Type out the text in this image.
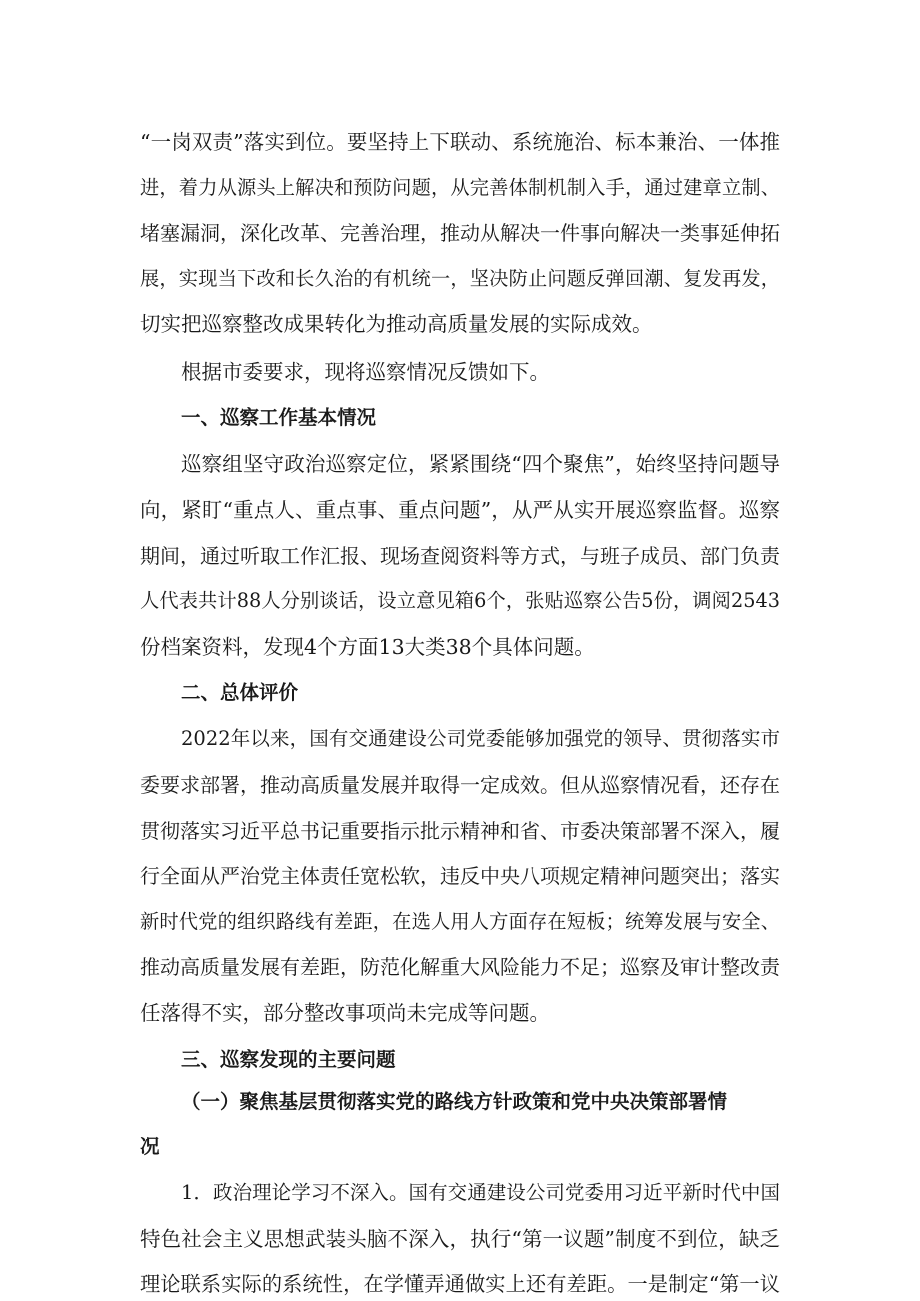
“一岗双责”落实到位。要坚持上下联动、系统施治、标本兼治、一体推

进，着力从源头上解决和预防问题，从完善体制机制入手，通过建章立制、

堵塞漏洞，深化改革、完善治理，推动从解决一件事向解决一类事延伸拓

展，实现当下改和长久治的有机统一，坚决防止问题反弹回潮、复发再发，

切实把巡察整改成果转化为推动高质量发展的实际成效。

根据市委要求，现将巡察情况反馈如下。

一、巡察工作基本情况

巡察组坚守政治巡察定位，紧紧围绕“四个聚焦”，始终坚持问题导

向，紧盯“重点人、重点事、重点问题”，从严从实开展巡察监督。巡察

期间，通过听取工作汇报、现场查阅资料等方式，与班子成员、部门负责

人代表共计88人分别谈话，设立意见箱6个，张贴巡察公告5份，调阅2543

份档案资料，发现4个方面13大类38个具体问题。

二、总体评价

2022年以来，国有交通建设公司党委能够加强党的领导、贯彻落实市

委要求部署，推动高质量发展并取得一定成效。但从巡察情况看，还存在

贯彻落实习近平总书记重要指示批示精神和省、市委决策部署不深入，履

行全面从严治党主体责任宽松软，违反中央八项规定精神问题突出；落实

新时代党的组织路线有差距，在选人用人方面存在短板；统筹发展与安全、

推动高质量发展有差距，防范化解重大风险能力不足；巡察及审计整改责

任落得不实，部分整改事项尚未完成等问题。

三、巡察发现的主要问题

（一）聚焦基层贯彻落实党的路线方针政策和党中央决策部署情

况

1．政治理论学习不深入。国有交通建设公司党委用习近平新时代中国

特色社会主义思想武装头脑不深入，执行“第一议题”制度不到位，缺乏

理论联系实际的系统性，在学懂弄通做实上还有差距。一是制定“第一议
